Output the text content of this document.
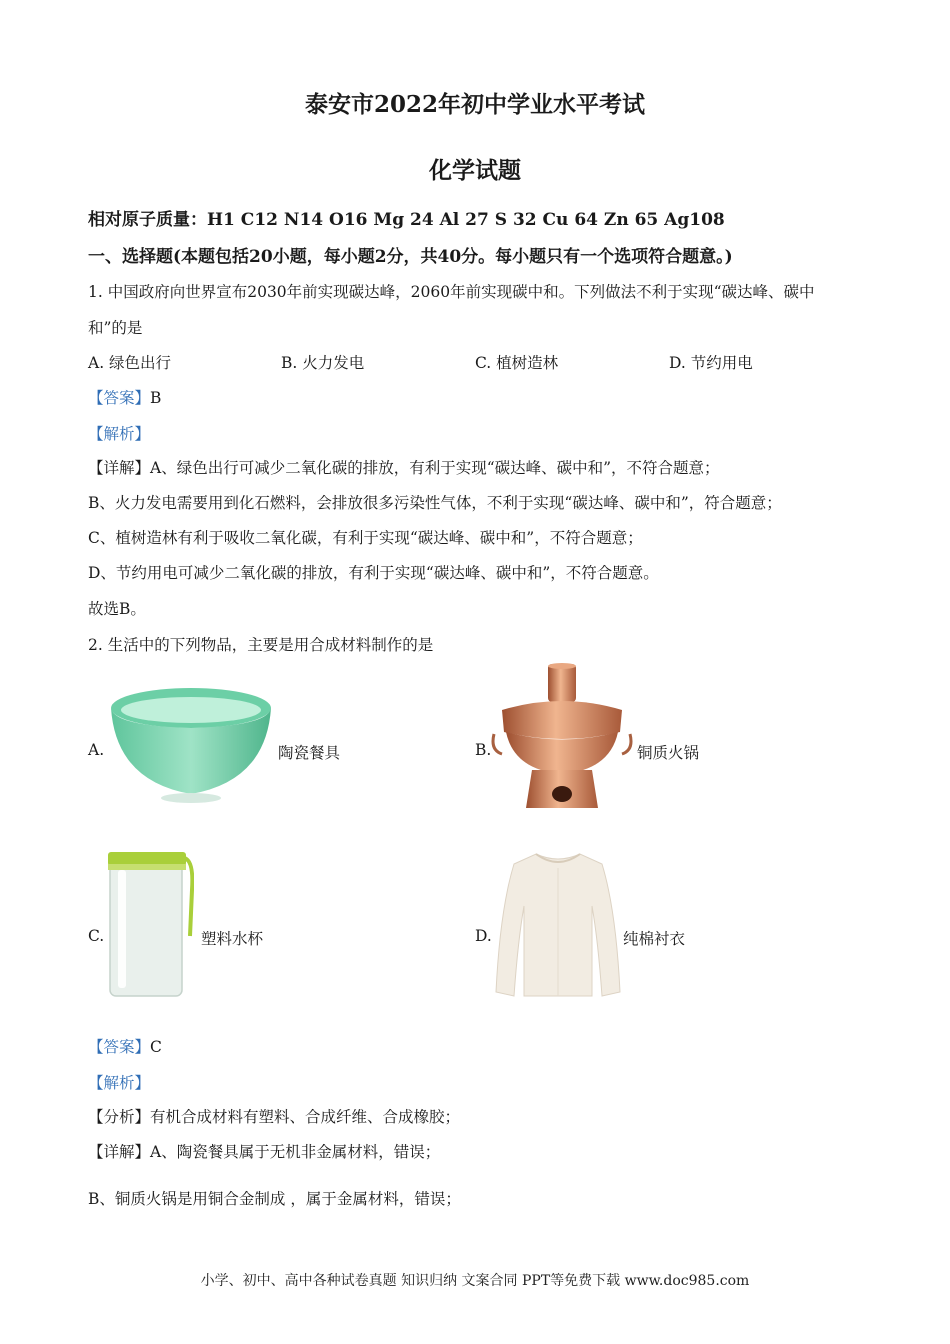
泰安市2022年初中学业水平考试
化学试题
相对原子质量：H1 C12 N14 O16 Mg 24 Al 27 S 32 Cu 64 Zn 65 Ag108
一、选择题(本题包括20小题，每小题2分，共40分。每小题只有一个选项符合题意。)
1. 中国政府向世界宣布2030年前实现碳达峰，2060年前实现碳中和。下列做法不利于实现“碳达峰、碳中
和”的是
A. 绿色出行	B. 火力发电	C. 植树造林	D. 节约用电
【答案】B
【解析】
【详解】A、绿色出行可减少二氧化碳的排放，有利于实现“碳达峰、碳中和”，不符合题意；
B、火力发电需要用到化石燃料，会排放很多污染性气体，不利于实现“碳达峰、碳中和”，符合题意；
C、植树造林有利于吸收二氧化碳，有利于实现“碳达峰、碳中和”，不符合题意；
D、节约用电可减少二氧化碳的排放，有利于实现“碳达峰、碳中和”，不符合题意。
故选B。
2. 生活中的下列物品，主要是用合成材料制作的是
A.	陶瓷餐具	B.	铜质火锅
C.	塑料水杯	D.	纯棉衬衣
【答案】C
【解析】
【分析】有机合成材料有塑料、合成纤维、合成橡胶；
【详解】A、陶瓷餐具属于无机非金属材料，错误；
B、铜质火锅是用铜合金制成 ，属于金属材料，错误；
小学、初中、高中各种试卷真题 知识归纳 文案合同 PPT等免费下载 www.doc985.com
